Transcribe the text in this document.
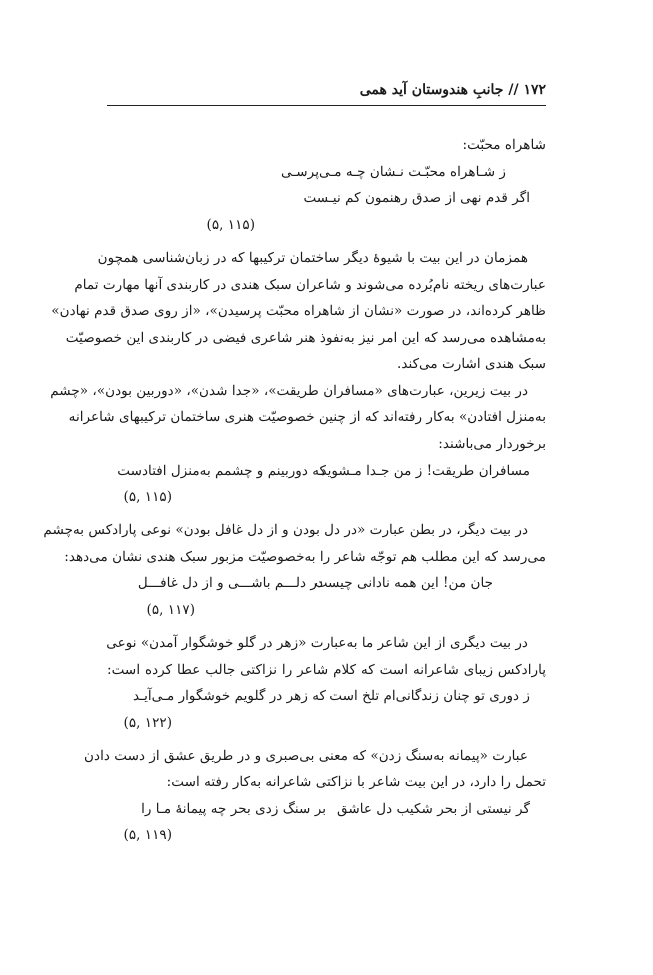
۱۷۲ // جانبِ هندوستان آید همی
شاهراه محبّت:
ز شـاهراه محبّـت نـشان چـه مـی‌پرسـی
اگر قدم نهی از صدق رهنمون کم نیـست
(۱۱۵ ,۵)
همزمان در این بیت با شیوهٔ دیگر ساختمان ترکیبها که در زبان‌شناسی همچون
عبارت‌های ریخته نام‌بُرده می‌شوند و شاعران سبک هندی در کاربندی آنها مهارت تمام
ظاهر کرده‌اند، در صورت «نشان از شاهراه محبّت پرسیدن»، «از روی صدق قدم نهادن»
به‌مشاهده می‌رسد که این امر نیز به‌نفوذ هنر شاعری فیضی در کاربندی این خصوصیّت
سبک هندی اشارت می‌کند.
در بیت زیرین، عبارت‌های «مسافران طریقت»، «جدا شدن»، «دوربین بودن»، «چشم
به‌منزل افتادن» به‌کار رفته‌اند که از چنین خصوصیّت هنری ساختمان ترکیبهای شاعرانه
برخوردار می‌باشند:
مسافران طریقت! ز من جـدا مـشوید
که دوربینم و چشمم به‌منزل افتادست
(۱۱۵ ,۵)
در بیت دیگر، در بطن عبارت «در دل بودن و از دل غافل بودن» نوعی پارادکس به‌چشم
می‌رسد که این مطلب هم توجّه شاعر را به‌خصوصیّت مزبور سبک هندی نشان می‌دهد:
جان من! این همه نادانی چیست
در دلـــم باشـــی و از دل غافـــل
(۱۱۷ ,۵)
در بیت دیگری از این شاعر ما به‌عبارت «زهر در گلو خوشگوار آمدن» نوعی
پارادکس زیبای شاعرانه است که کلام شاعر را نزاکتی جالب عطا کرده است:
ز دوری تو چنان زندگانی‌ام تلخ است
که زهر در گلویم خوشگوار مـی‌آیـد
(۱۲۲ ,۵)
عبارت «پیمانه به‌سنگ زدن» که معنی بی‌صبری و در طریق عشق از دست دادن
تحمل را دارد، در این بیت شاعر با نزاکتی شاعرانه به‌کار رفته است:
گر نیستی از بحر شکیب دل عاشق
بر سنگ زدی بحر چه پیمانهٔ مـا را
(۱۱۹ ,۵)
